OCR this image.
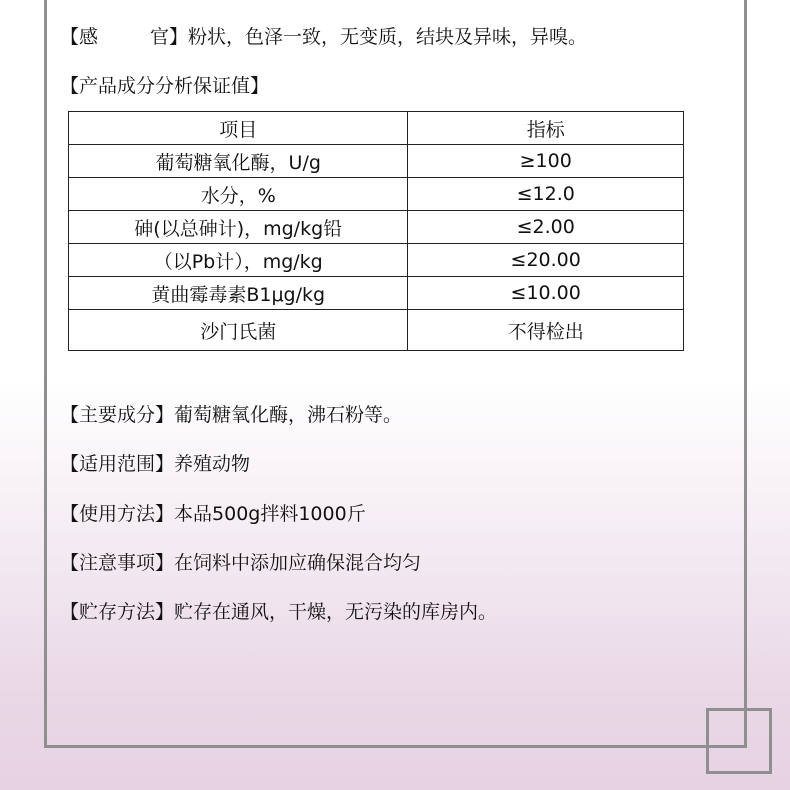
【感	官】粉状，色泽一致，无变质，结块及异味，异嗅。
【产品成分分析保证值】
项目	指标
葡萄糖氧化酶，U/g	≥100
水分，%	≤12.0
砷(以总砷计)，mg/kg铅	≤2.00
（以Pb计），mg/kg	≤20.00
黄曲霉毒素B1μg/kg	≤10.00
沙门氏菌	不得检出
【主要成分】葡萄糖氧化酶，沸石粉等。
【适用范围】养殖动物
【使用方法】本品500g拌料1000斤
【注意事项】在饲料中添加应确保混合均匀
【贮存方法】贮存在通风，干燥，无污染的库房内。
